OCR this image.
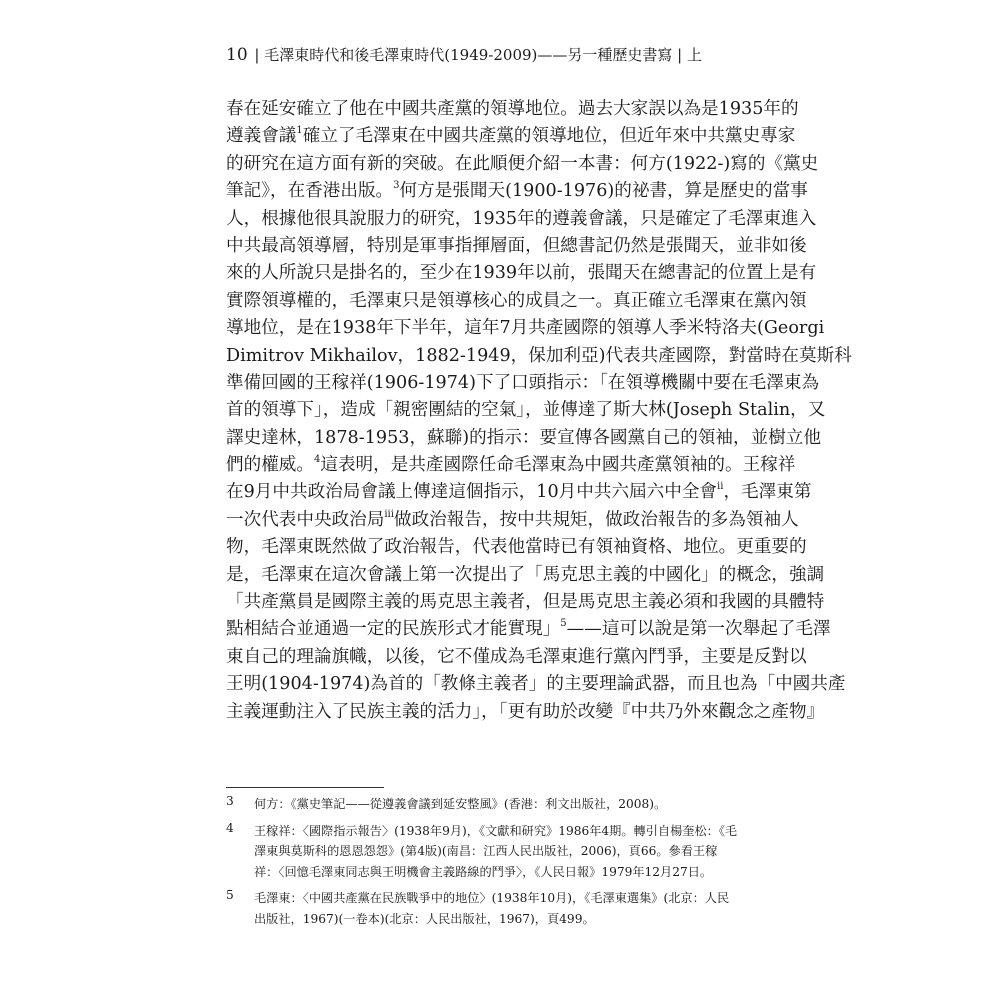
10 | 毛澤東時代和後毛澤東時代(1949-2009)——另一種歷史書寫 | 上
春在延安確立了他在中國共產黨的領導地位。過去大家誤以為是1935年的
遵義會議$^1$確立了毛澤東在中國共產黨的領導地位，但近年來中共黨史專家
的研究在這方面有新的突破。在此順便介紹一本書：何方(1922-)寫的《黨史
筆記》，在香港出版。$^3$何方是張聞天(1900-1976)的祕書，算是歷史的當事
人，根據他很具說服力的研究，1935年的遵義會議，只是確定了毛澤東進入
中共最高領導層，特別是軍事指揮層面，但總書記仍然是張聞天，並非如後
來的人所說只是掛名的，至少在1939年以前，張聞天在總書記的位置上是有
實際領導權的，毛澤東只是領導核心的成員之一。真正確立毛澤東在黨內領
導地位，是在1938年下半年，這年7月共產國際的領導人季米特洛夫(Georgi
Dimitrov Mikhailov，1882-1949，保加利亞)代表共產國際，對當時在莫斯科
準備回國的王稼祥(1906-1974)下了口頭指示：「在領導機關中要在毛澤東為
首的領導下」，造成「親密團結的空氣」，並傳達了斯大林(Joseph Stalin，又
譯史達林，1878-1953，蘇聯)的指示：要宣傳各國黨自己的領袖，並樹立他
們的權威。$^4$這表明，是共產國際任命毛澤東為中國共產黨領袖的。王稼祥
在9月中共政治局會議上傳達這個指示，10月中共六屆六中全會$^{ii}$，毛澤東第
一次代表中央政治局$^{iii}$做政治報告，按中共規矩，做政治報告的多為領袖人
物，毛澤東既然做了政治報告，代表他當時已有領袖資格、地位。更重要的
是，毛澤東在這次會議上第一次提出了「馬克思主義的中國化」的概念，強調
「共產黨員是國際主義的馬克思主義者，但是馬克思主義必須和我國的具體特
點相結合並通過一定的民族形式才能實現」$^5$——這可以說是第一次舉起了毛澤
東自己的理論旗幟，以後，它不僅成為毛澤東進行黨內鬥爭，主要是反對以
王明(1904-1974)為首的「教條主義者」的主要理論武器，而且也為「中國共產
主義運動注入了民族主義的活力」，「更有助於改變『中共乃外來觀念之產物』
3 何方：《黨史筆記——從遵義會議到延安整風》(香港：利文出版社，2008)。
4 王稼祥：〈國際指示報告〉(1938年9月)，《文獻和研究》1986年4期。轉引自楊奎松：《毛
澤東與莫斯科的恩恩怨怨》(第4版)(南昌：江西人民出版社，2006)，頁66。參看王稼
祥：〈回憶毛澤東同志與王明機會主義路線的鬥爭〉，《人民日報》1979年12月27日。
5 毛澤東：〈中國共產黨在民族戰爭中的地位〉(1938年10月)，《毛澤東選集》(北京：人民
出版社，1967)(一卷本)(北京：人民出版社，1967)，頁499。
